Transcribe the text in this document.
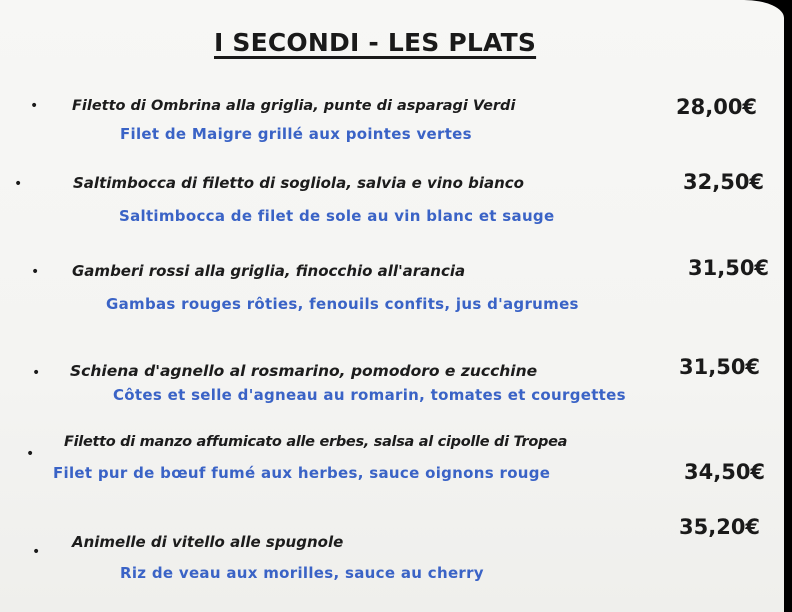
I SECONDI - LES PLATS
• Filetto di Ombrina alla griglia, punte di asparagi Verdi	28,00€
Filet de Maigre grillé aux pointes vertes
•	Saltimbocca di filetto di sogliola, salvia e vino bianco	32,50€
Saltimbocca de filet de sole au vin blanc et sauge
• Gamberi rossi alla griglia, finocchio all'arancia	31,50€
Gambas rouges rôties, fenouils confits, jus d'agrumes
• Schiena d'agnello al rosmarino, pomodoro e zucchine	31,50€
Côtes et selle d'agneau au romarin, tomates et courgettes
•
Filetto di manzo affumicato alle erbes, salsa al cipolle di Tropea
34,50€
Filet pur de bœuf fumé aux herbes, sauce oignons rouge
35,20€
•
Animelle di vitello alle spugnole
Riz de veau aux morilles, sauce au cherry
